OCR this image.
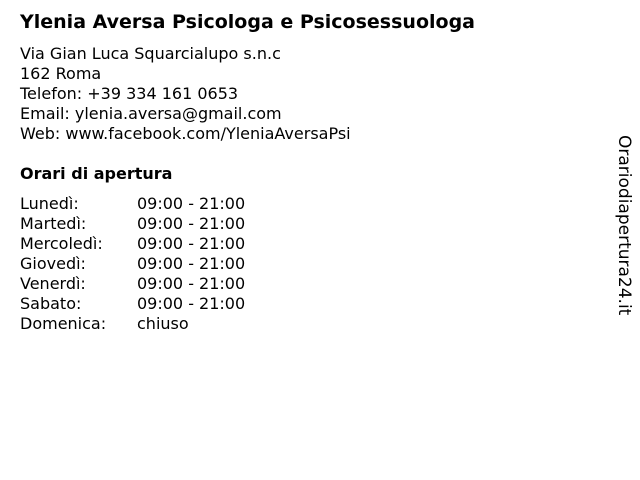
Ylenia Aversa Psicologa e Psicosessuologa
Via Gian Luca Squarcialupo s.n.c
162 Roma
Telefon: +39 334 161 0653
Email: ylenia.aversa@gmail.com
Web: www.facebook.com/YleniaAversaPsi
Orari di apertura
Lunedì:	09:00 - 21:00
Martedì:	09:00 - 21:00
Mercoledì:	09:00 - 21:00
Giovedì:	09:00 - 21:00
Venerdì:	09:00 - 21:00
Sabato:	09:00 - 21:00
Domenica:	chiuso
Orariodiapertura24.it
